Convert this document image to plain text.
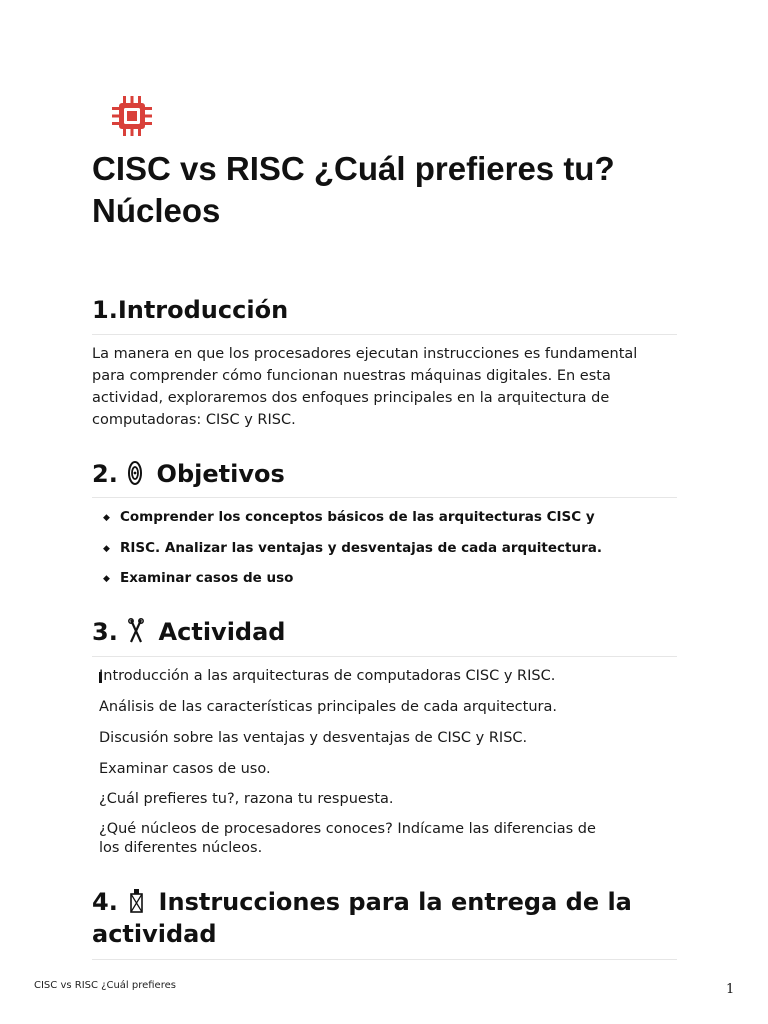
CISC vs RISC ¿Cuál prefieres tu? Núcleos
1.Introducción

La manera en que los procesadores ejecutan instrucciones es fundamental para comprender cómo funcionan nuestras máquinas digitales. En esta actividad, exploraremos dos enfoques principales en la arquitectura de computadoras: CISC y RISC.

2. Objetivos
◆ Comprender los conceptos básicos de las arquitecturas CISC y
◆ RISC. Analizar las ventajas y desventajas de cada arquitectura.
◆ Examinar casos de uso
3. Actividad

Introducción a las arquitecturas de computadoras CISC y RISC.

Análisis de las características principales de cada arquitectura.

Discusión sobre las ventajas y desventajas de CISC y RISC.

Examinar casos de uso.

¿Cuál prefieres tu?, razona tu respuesta.

¿Qué núcleos de procesadores conoces? Indícame las diferencias de los diferentes núcleos.

4. Instrucciones para la entrega de la actividad
CISC vs RISC ¿Cuál prefieres	1
